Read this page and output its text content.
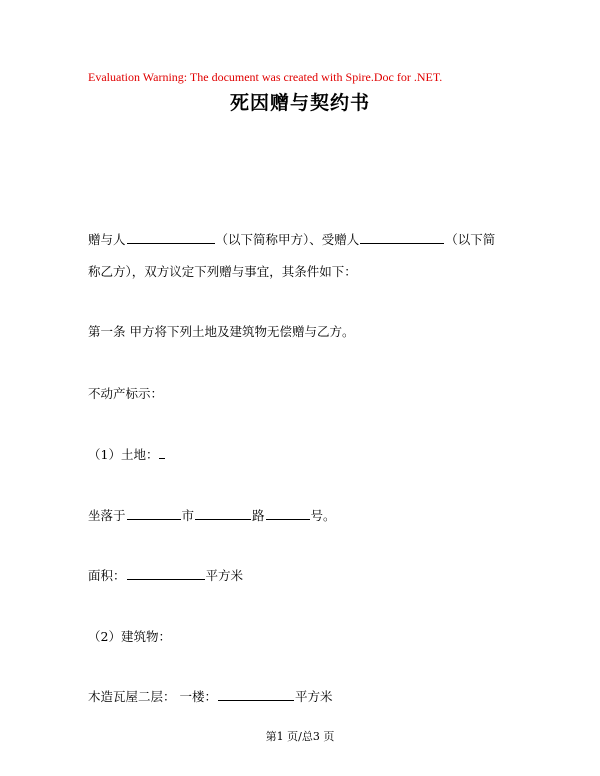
Evaluation Warning: The document was created with Spire.Doc for .NET.
死因赠与契约书
赠与人	（以下简称甲方）、受赠人	（以下简
称乙方），双方议定下列赠与事宜，其条件如下：
第一条 甲方将下列土地及建筑物无偿赠与乙方。
不动产标示：
（1）土地：
坐落于	市	路	号。
面积：	平方米
（2）建筑物：
木造瓦屋二层： 一楼：	平方米
第1 页/总3 页
